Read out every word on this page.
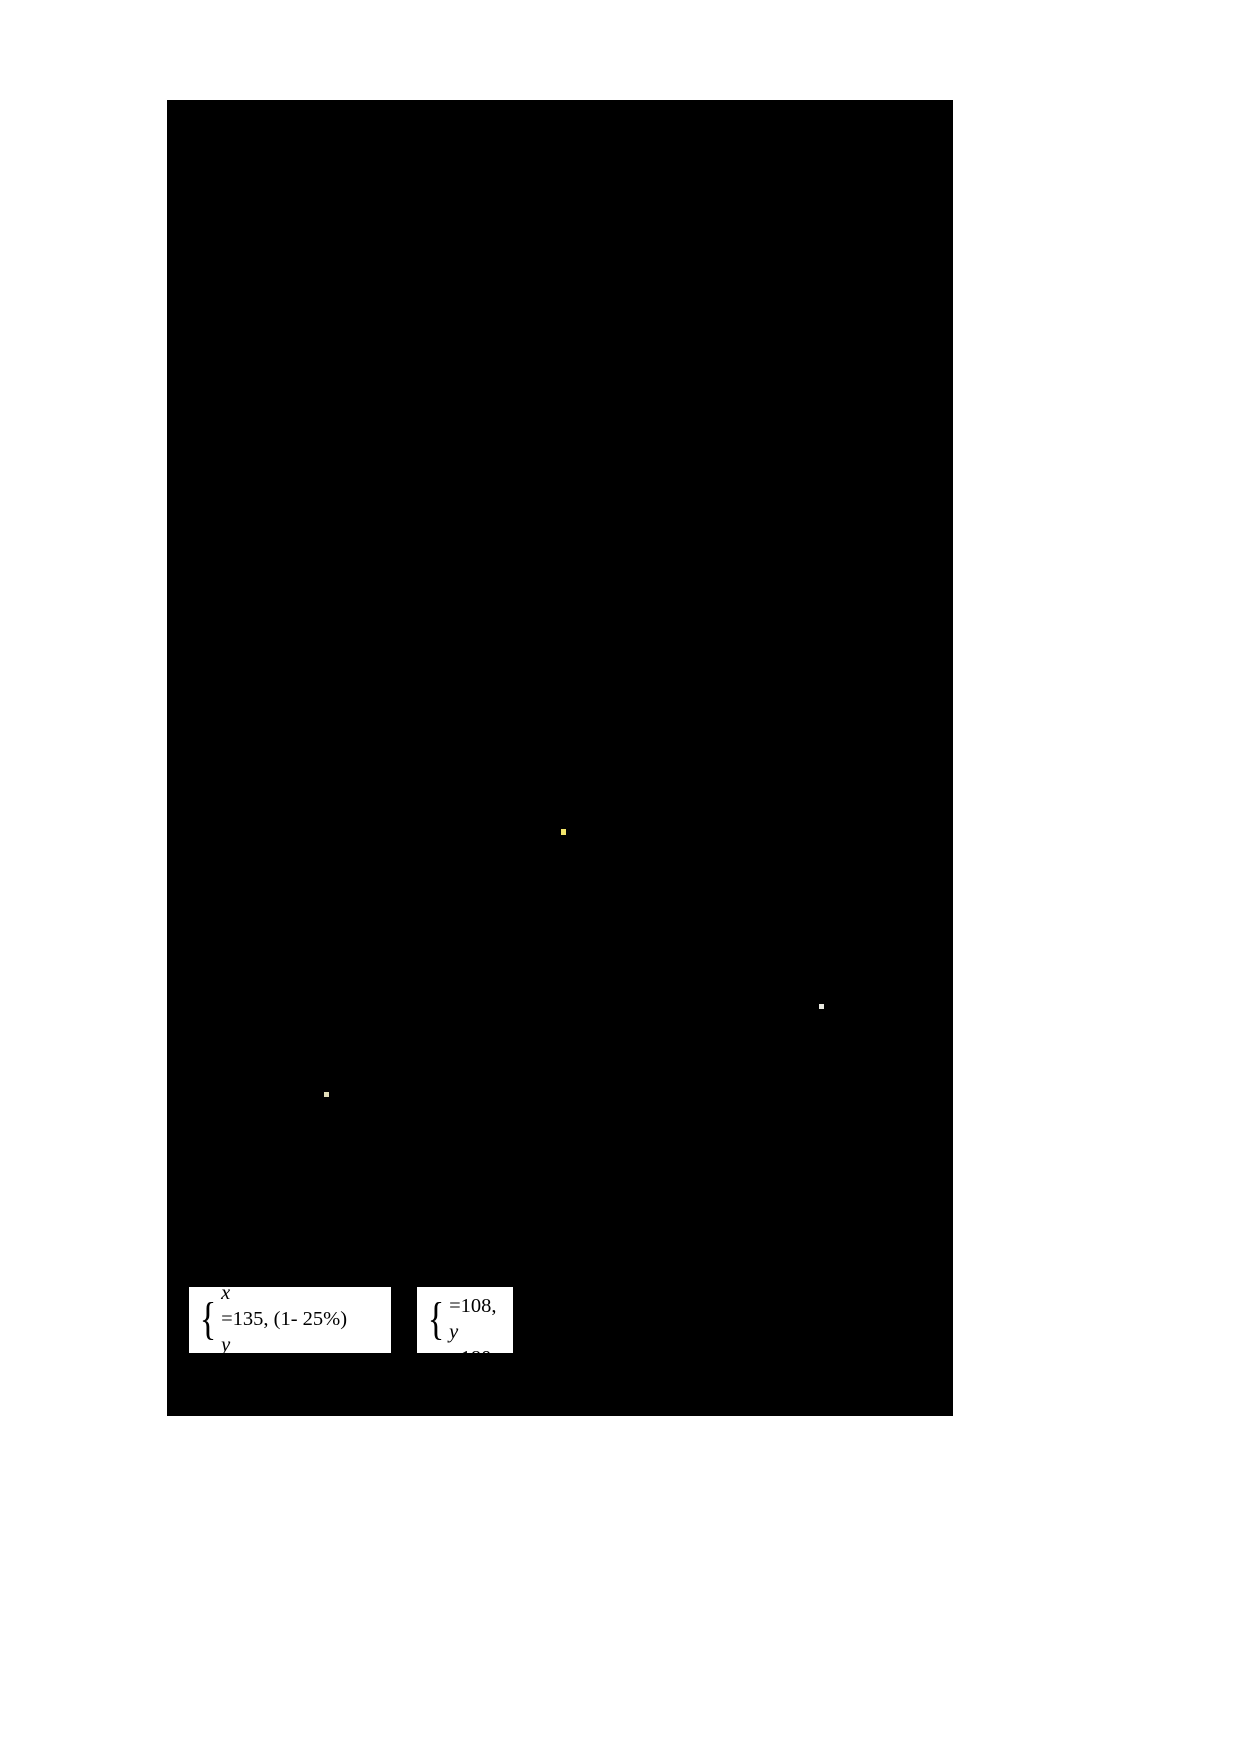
{
(1+ 25%)
x
=135, (1- 25%)
y
=135.
{
x
=108,
y
=180.
